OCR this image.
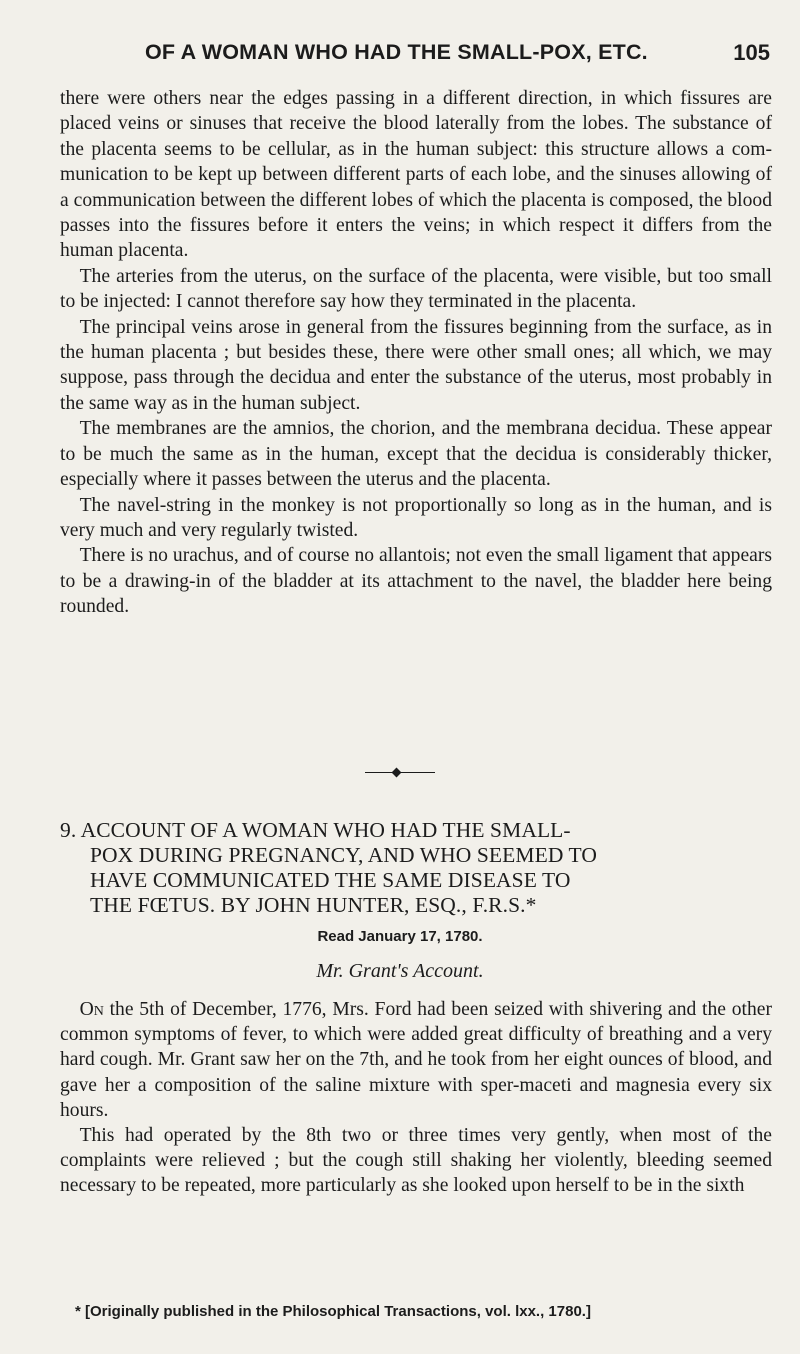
OF A WOMAN WHO HAD THE SMALL-POX, ETC.	105

there were others near the edges passing in a different direction, in which fissures are placed veins or sinuses that receive the blood laterally from the lobes. The substance of the placenta seems to be cellular, as in the human subject: this structure allows a com-munication to be kept up between different parts of each lobe, and the sinuses allowing of a communication between the different lobes of which the placenta is composed, the blood passes into the fissures before it enters the veins; in which respect it differs from the human placenta.

The arteries from the uterus, on the surface of the placenta, were visible, but too small to be injected: I cannot therefore say how they terminated in the placenta.

The principal veins arose in general from the fissures beginning from the surface, as in the human placenta ; but besides these, there were other small ones; all which, we may suppose, pass through the decidua and enter the substance of the uterus, most probably in the same way as in the human subject.

The membranes are the amnios, the chorion, and the membrana decidua. These appear to be much the same as in the human, except that the decidua is considerably thicker, especially where it passes between the uterus and the placenta.

The navel-string in the monkey is not proportionally so long as in the human, and is very much and very regularly twisted.

There is no urachus, and of course no allantois; not even the small ligament that appears to be a drawing-in of the bladder at its attachment to the navel, the bladder here being rounded.

9. ACCOUNT OF A WOMAN WHO HAD THE SMALL-
POX DURING PREGNANCY, AND WHO SEEMED TO
HAVE COMMUNICATED THE SAME DISEASE TO
THE FŒTUS. BY JOHN HUNTER, ESQ., F.R.S.*
Read January 17, 1780.
Mr. Grant's Account.

On the 5th of December, 1776, Mrs. Ford had been seized with shivering and the other common symptoms of fever, to which were added great difficulty of breathing and a very hard cough. Mr. Grant saw her on the 7th, and he took from her eight ounces of blood, and gave her a composition of the saline mixture with sper-maceti and magnesia every six hours.

This had operated by the 8th two or three times very gently, when most of the complaints were relieved ; but the cough still shaking her violently, bleeding seemed necessary to be repeated, more particularly as she looked upon herself to be in the sixth

* [Originally published in the Philosophical Transactions, vol. lxx., 1780.]
